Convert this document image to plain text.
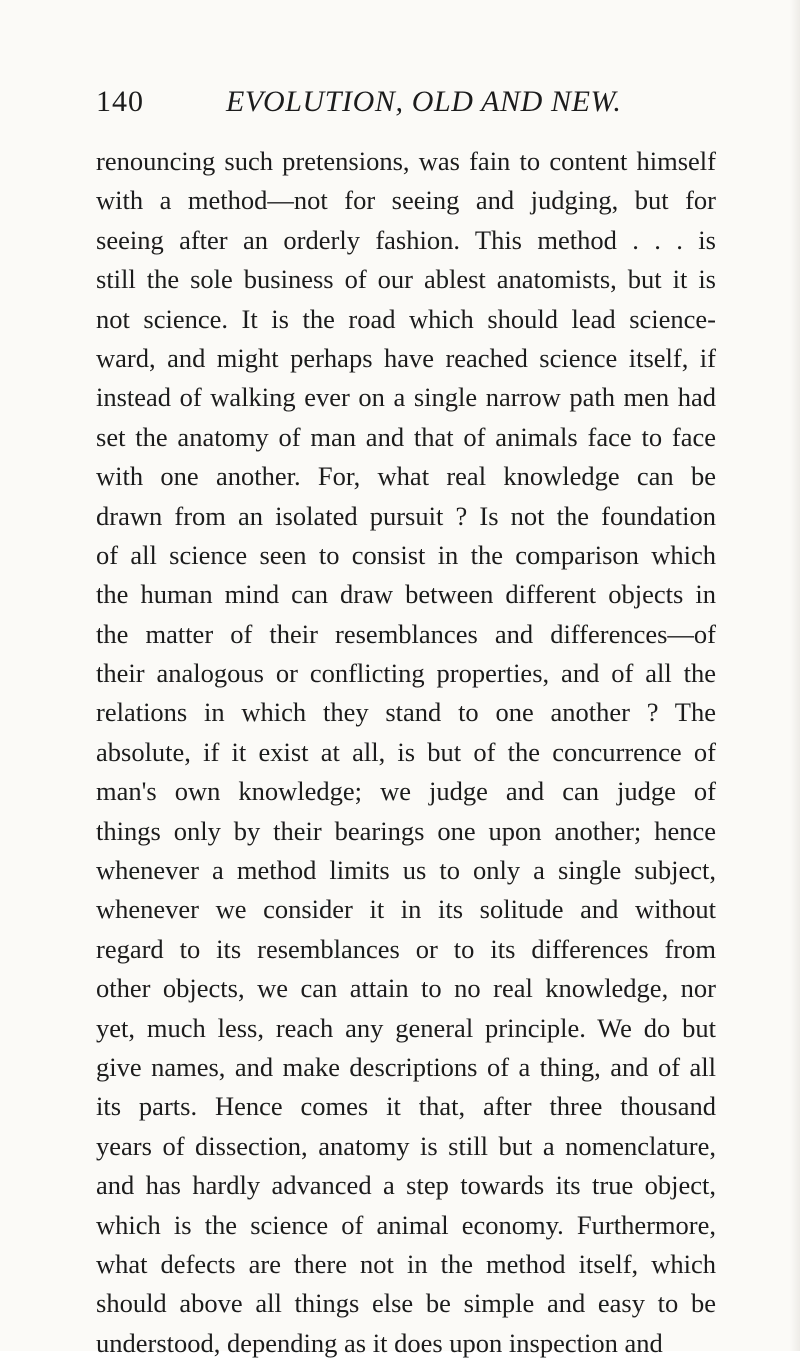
140	EVOLUTION, OLD AND NEW.
renouncing such pretensions, was fain to content himself
with a method—not for seeing and judging, but for
seeing after an orderly fashion. This method . . . is
still the sole business of our ablest anatomists, but it is
not science. It is the road which should lead science-
ward, and might perhaps have reached science itself, if
instead of walking ever on a single narrow path men had
set the anatomy of man and that of animals face to face
with one another. For, what real knowledge can be
drawn from an isolated pursuit ? Is not the foundation
of all science seen to consist in the comparison which
the human mind can draw between different objects in
the matter of their resemblances and differences—of
their analogous or conflicting properties, and of all the
relations in which they stand to one another ? The
absolute, if it exist at all, is but of the concurrence of
man's own knowledge; we judge and can judge of
things only by their bearings one upon another; hence
whenever a method limits us to only a single subject,
whenever we consider it in its solitude and without
regard to its resemblances or to its differences from
other objects, we can attain to no real knowledge, nor
yet, much less, reach any general principle. We do but
give names, and make descriptions of a thing, and of all
its parts. Hence comes it that, after three thousand
years of dissection, anatomy is still but a nomenclature,
and has hardly advanced a step towards its true object,
which is the science of animal economy. Furthermore,
what defects are there not in the method itself, which
should above all things else be simple and easy to be
understood, depending as it does upon inspection and
